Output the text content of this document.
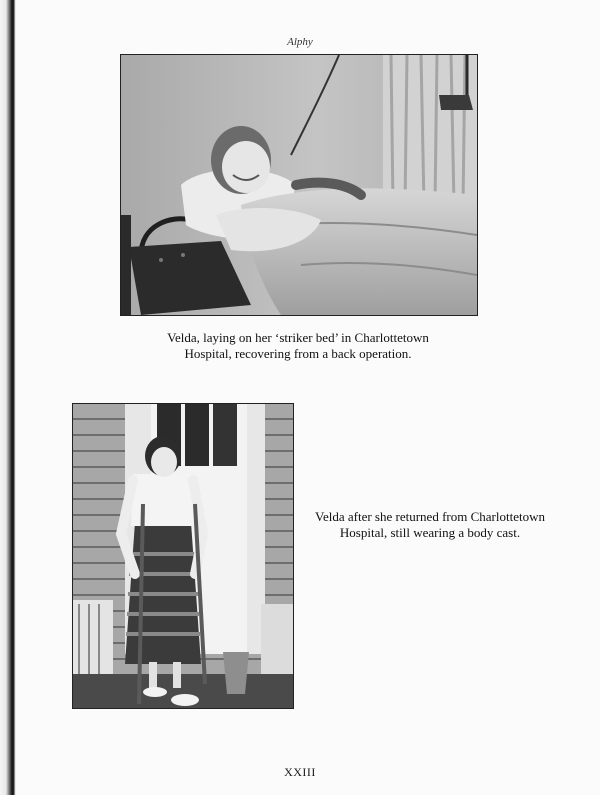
Alphy
Velda, laying on her ‘striker bed’ in Charlottetown
Hospital, recovering from a back operation.
Velda after she returned from Charlottetown
Hospital, still wearing a body cast.
XXIII
